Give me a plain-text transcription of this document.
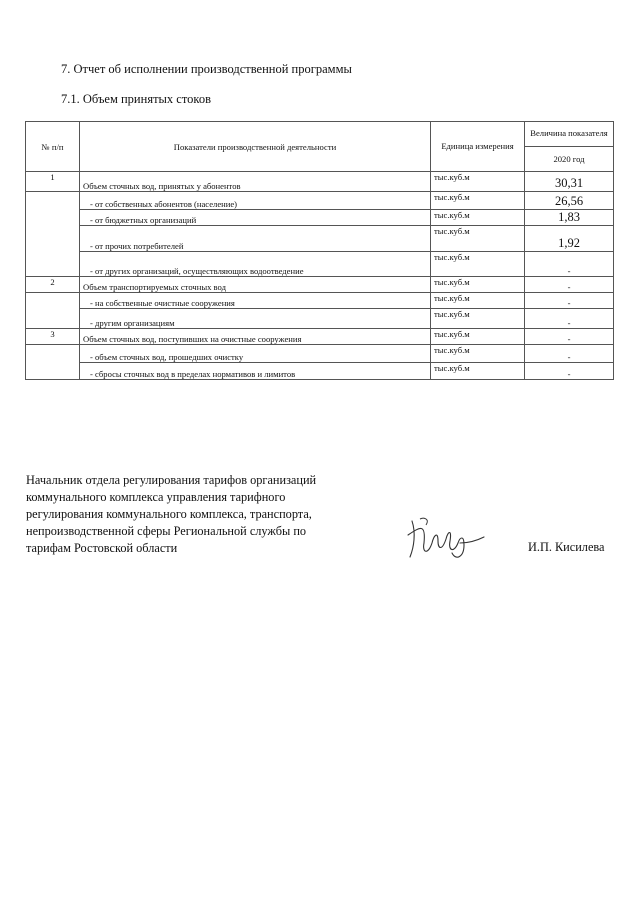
7. Отчет об исполнении производственной программы
7.1. Объем принятых стоков
№ п/п	Показатели производственной деятельности	Единица измерения	Величина показателя
			2020 год
1	Объем сточных вод, принятых у абонентов	тыс.куб.м	30,31
	- от собственных абонентов (население)	тыс.куб.м	26,56
	- от бюджетных организаций	тыс.куб.м	1,83
	- от прочих потребителей	тыс.куб.м	1,92
	- от других организаций, осуществляющих водоотведение	тыс.куб.м	-
2	Объем транспортируемых сточных вод	тыс.куб.м	-
	- на собственные очистные сооружения	тыс.куб.м	-
	- другим организациям	тыс.куб.м	-
3	Объем сточных вод, поступивших на очистные сооружения	тыс.куб.м	-
	- объем сточных вод, прошедших очистку	тыс.куб.м	-
	- сбросы сточных вод в пределах нормативов и лимитов	тыс.куб.м	-
Начальник отдела регулирования тарифов организаций
коммунального комплекса управления тарифного
регулирования коммунального комплекса, транспорта,
непроизводственной сферы Региональной службы по
тарифам Ростовской области	И.П. Кисилева
